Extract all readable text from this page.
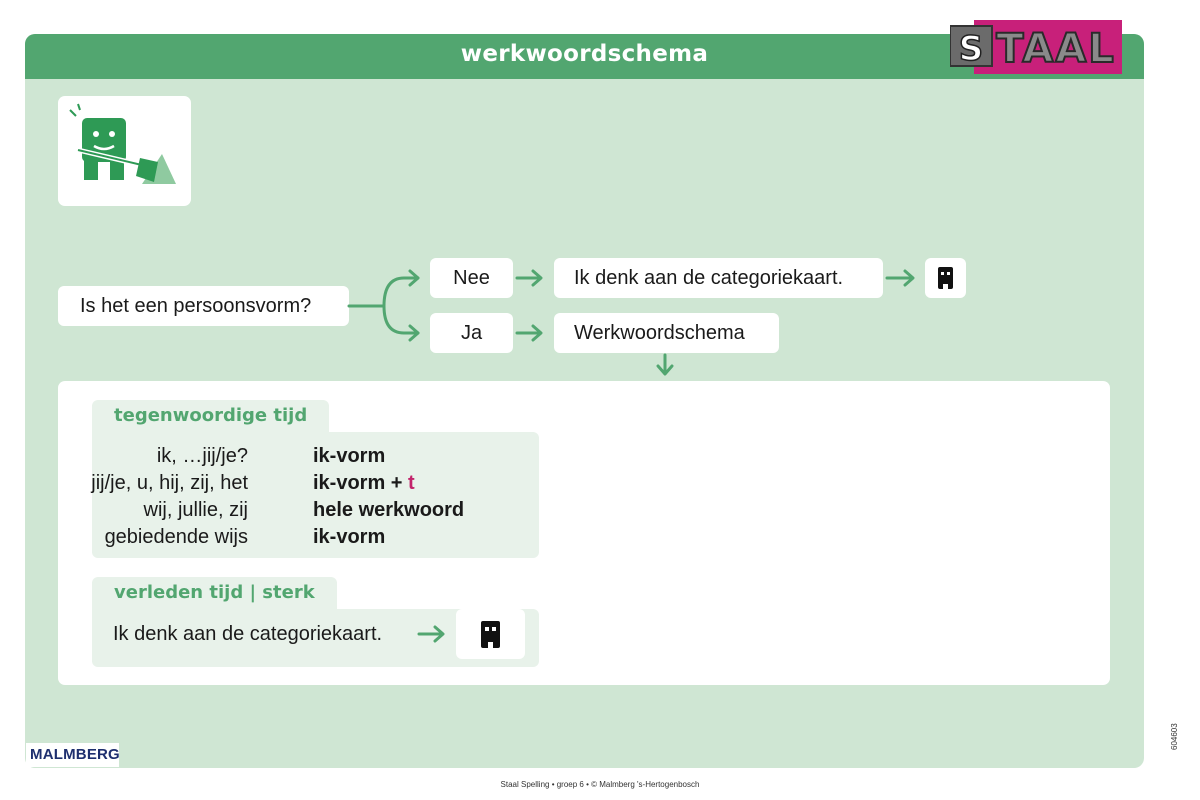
werkwoordschema	S TAAL
Is het een persoonsvorm?
Nee
Ja
Ik denk aan de categoriekaart.
Werkwoordschema
tegenwoordige tijd
ik, …jij/je?	ik-vorm
jij/je, u, hij, zij, het	ik-vorm + t
wij, jullie, zij	hele werkwoord
gebiedende wijs	ik-vorm
verleden tijd | sterk
Ik denk aan de categoriekaart.
MALMBERG
Staal Spelling • groep 6 • © Malmberg 's-Hertogenbosch
604603
